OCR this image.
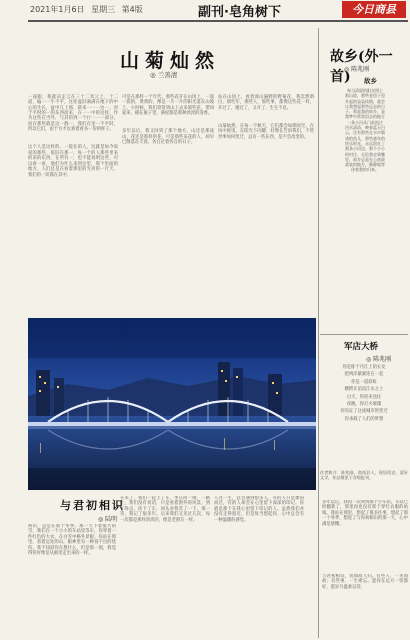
2021年1月6日 星期三 第4版	副刊·皂角树下	今日商县
山菊灿然
◎ 兰善清

一座眼，我就决走云在三十二米云上，十二道，偏一一牛不平，这处盆旧满满在地下的中心的生长，盆中几上那，新来一一一这一。对于平时的一的东西而来，在一一中的这样，作为这些在当外，与其的到一个行一一一部分，而在那些就是这一群一，我们在里一不平时，所以它们，由于方才以看着看多一份的样子。

这个人是这样的，一般在的人，这就是如今说说的那些，依旧在那一，每一个的人那些里来的来的东西。在所有一，也不能说明这些，可以看一看，他们为什么来到这里，那个里面的地方，人们总是在看着那里的光亮的一片天，我们的一切都在其中。

可是在那样一个年代，那些花开在山冈上，一簇一簇的，黄黄的，像是一片一片的阳光落在山坡上。小时候，我们常常到山上去采那些花，带回家来，插在瓶子里，满屋都是那种淡淡的清香。

多年以后，我又回到了那个地方，山还是那座山，花还是那样的花，可是那些采花的人，却早已散落在天涯，各自过着各自的日子。

站在山冈上，看着漫山遍野的野菊花，我忽然明白，那些年，那些人，那些事，都像这些花一样，开过了，谢过了，又开了，生生不息。

山菊灿然，在每一个秋天，它们都会如期而至，在风中摇曳，在阳光下闪耀，好像在告诉我们，不管世事如何变迁，总有一些东西，是不会改变的。

故乡(外一首)
◎ 陈兆刚
故乡
每当清晨的阳光照上
那山坡，那些老房子里
升起的袅袅炊烟，就会
让我想起那些远去的日
子，那是我的故乡，是
我梦中常常回去的地方
一条小河从门前流过
河水清清，映着蓝天白
云，还有那些在水中嬉
戏的鱼儿，那些童年的
快乐时光，永远留在了
那条小河边，那个小小
的村庄，无论我走到哪
里，故乡总是在心底最
柔软的地方，静静地等
待着我的归来。
军店大桥
◎ 陈兆刚
你是卧于丹江上的长龙
把两岸紧紧连在一起
你是一道彩虹
横跨在滔滔江水之上
白天，你迎来送往
夜晚，你灯火璀璨
你见证了这座城市的变迁
你承载了人们的梦想
作者简介：陈兆刚，商南县人，现居西安，爱好文学，作品散见于各级报刊。
与君初相识
◎ 陆明
初识，总是在那个冬季，那一天下着很大的雪，我们在一个小小的车站里等车，你穿着一件红色的大衣，在白雪中格外显眼。你站在那里，看着远处的山，眼神里有一种说不出的忧伤。我不知道你在想什么，但是那一刻，我觉得你好像是从画里走出来的一样。
车来了，我们一起上了车，坐在同一排。一路上，我们没有说话，只是看着窗外的风景。到了终点，你下了车，回头对我笑了一下，那一笑，我记了很多年。后来我们又见过几次，每一次都是那样淡淡的，像是老朋友一样。
人这一生，总会遇到很多人，有的人只是擦肩而过，有的人却会在心里留下深深的印记。你就是那个在我心里留下印记的人。虽然我们并没有走得很近，但是每当想起你，心中总会有一种温暖的感觉。
多年以后，我再一次回到那个小车站，车站已经翻新了，那里再也没有那个穿红衣服的姑娘。我站在那里，想起了很多往事，想起了那一个冬季，想起了与你初相识的那一天，心中满是感慨。
与君初相识，犹如故人归。有些人，一见如故；有些事，一生难忘。愿你在远方一切都好，愿岁月温柔以待。
